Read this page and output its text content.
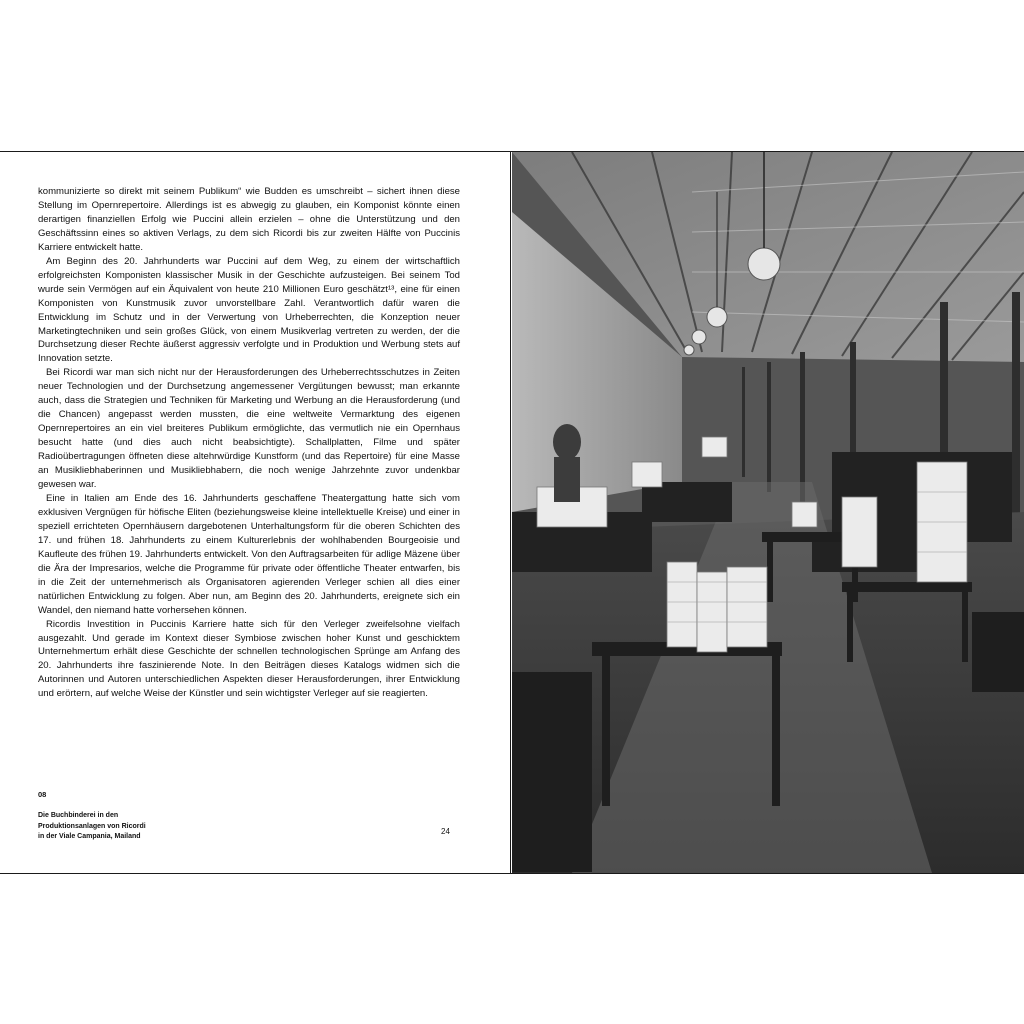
kommunizierte so direkt mit seinem Publikum“ wie Budden es umschreibt – sichert ihnen diese Stellung im Opernrepertoire. Allerdings ist es abwegig zu glauben, ein Komponist könnte einen derartigen finanziellen Erfolg wie Puccini allein erzielen – ohne die Unterstützung und den Geschäftssinn eines so aktiven Verlags, zu dem sich Ricordi bis zur zweiten Hälfte von Puccinis Karriere entwickelt hatte.

Am Beginn des 20. Jahrhunderts war Puccini auf dem Weg, zu einem der wirtschaftlich erfolgreichsten Komponisten klassischer Musik in der Geschichte aufzusteigen. Bei seinem Tod wurde sein Vermögen auf ein Äquivalent von heute 210 Millionen Euro geschätzt¹³, eine für einen Komponisten von Kunstmusik zuvor unvorstellbare Zahl. Verantwortlich dafür waren die Entwicklung im Schutz und in der Verwertung von Urheberrechten, die Konzeption neuer Marketingtechniken und sein großes Glück, von einem Musikverlag vertreten zu werden, der die Durchsetzung dieser Rechte äußerst aggressiv verfolgte und in Produktion und Werbung stets auf Innovation setzte.

Bei Ricordi war man sich nicht nur der Herausforderungen des Urheberrechtsschutzes in Zeiten neuer Technologien und der Durchsetzung angemessener Vergütungen bewusst; man erkannte auch, dass die Strategien und Techniken für Marketing und Werbung an die Herausforderung (und die Chancen) angepasst werden mussten, die eine weltweite Vermarktung des eigenen Opernrepertoires an ein viel breiteres Publikum ermöglichte, das vermutlich nie ein Opernhaus besucht hatte (und dies auch nicht beabsichtigte). Schallplatten, Filme und später Radioübertragungen öffneten diese altehrwürdige Kunstform (und das Repertoire) für eine Masse an Musikliebhaberinnen und Musikliebhabern, die noch wenige Jahrzehnte zuvor undenkbar gewesen war.

Eine in Italien am Ende des 16. Jahrhunderts geschaffene Theatergattung hatte sich vom exklusiven Vergnügen für höfische Eliten (beziehungsweise kleine intellektuelle Kreise) und einer in speziell errichteten Opernhäusern dargebotenen Unterhaltungsform für die oberen Schichten des 17. und frühen 18. Jahrhunderts zu einem Kulturerlebnis der wohlhabenden Bourgeoisie und Kaufleute des frühen 19. Jahrhunderts entwickelt. Von den Auftragsarbeiten für adlige Mäzene über die Ära der Impresarios, welche die Programme für private oder öffentliche Theater entwarfen, bis in die Zeit der unternehmerisch als Organisatoren agierenden Verleger schien all dies einer natürlichen Entwicklung zu folgen. Aber nun, am Beginn des 20. Jahrhunderts, ereignete sich ein Wandel, den niemand hatte vorhersehen können.

Ricordis Investition in Puccinis Karriere hatte sich für den Verleger zweifelsohne vielfach ausgezahlt. Und gerade im Kontext dieser Symbiose zwischen hoher Kunst und geschicktem Unternehmertum erhält diese Geschichte der schnellen technologischen Sprünge am Anfang des 20. Jahrhunderts ihre faszinierende Note. In den Beiträgen dieses Katalogs widmen sich die Autorinnen und Autoren unterschiedlichen Aspekten dieser Herausforderungen, ihrer Entwicklung und erörtern, auf welche Weise der Künstler und sein wichtigster Verleger auf sie reagierten.

08
Die Buchbinderei in den
Produktionsanlagen von Ricordi
in der Viale Campania, Mailand
24
